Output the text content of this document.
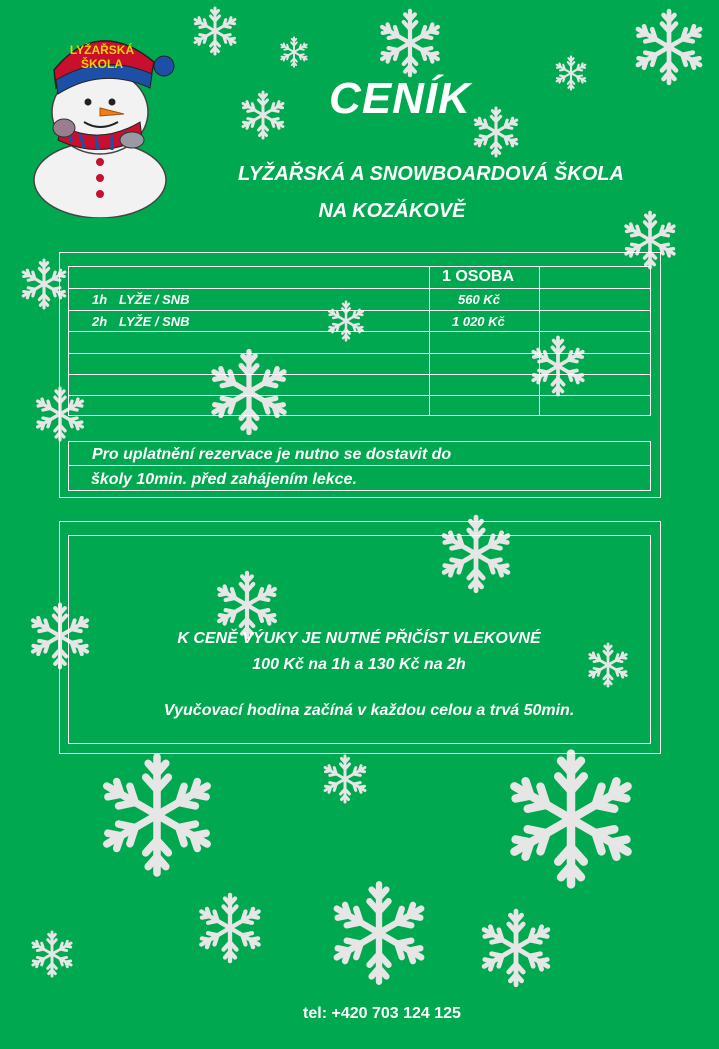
LYŽAŘSKÁ
ŠKOLA
CENÍK
LYŽAŘSKÁ A SNOWBOARDOVÁ ŠKOLA
NA KOZÁKOVĚ
1 OSOBA
1h LYŽE / SNB	560 Kč
2h LYŽE / SNB	1 020 Kč
Pro uplatnění rezervace je nutno se dostavit do
školy 10min. před zahájením lekce.
K CENĚ VÝUKY JE NUTNÉ PŘIČÍST VLEKOVNÉ
100 Kč na 1h a 130 Kč na 2h
Vyučovací hodina začíná v každou celou a trvá 50min.
tel: +420 703 124 125
